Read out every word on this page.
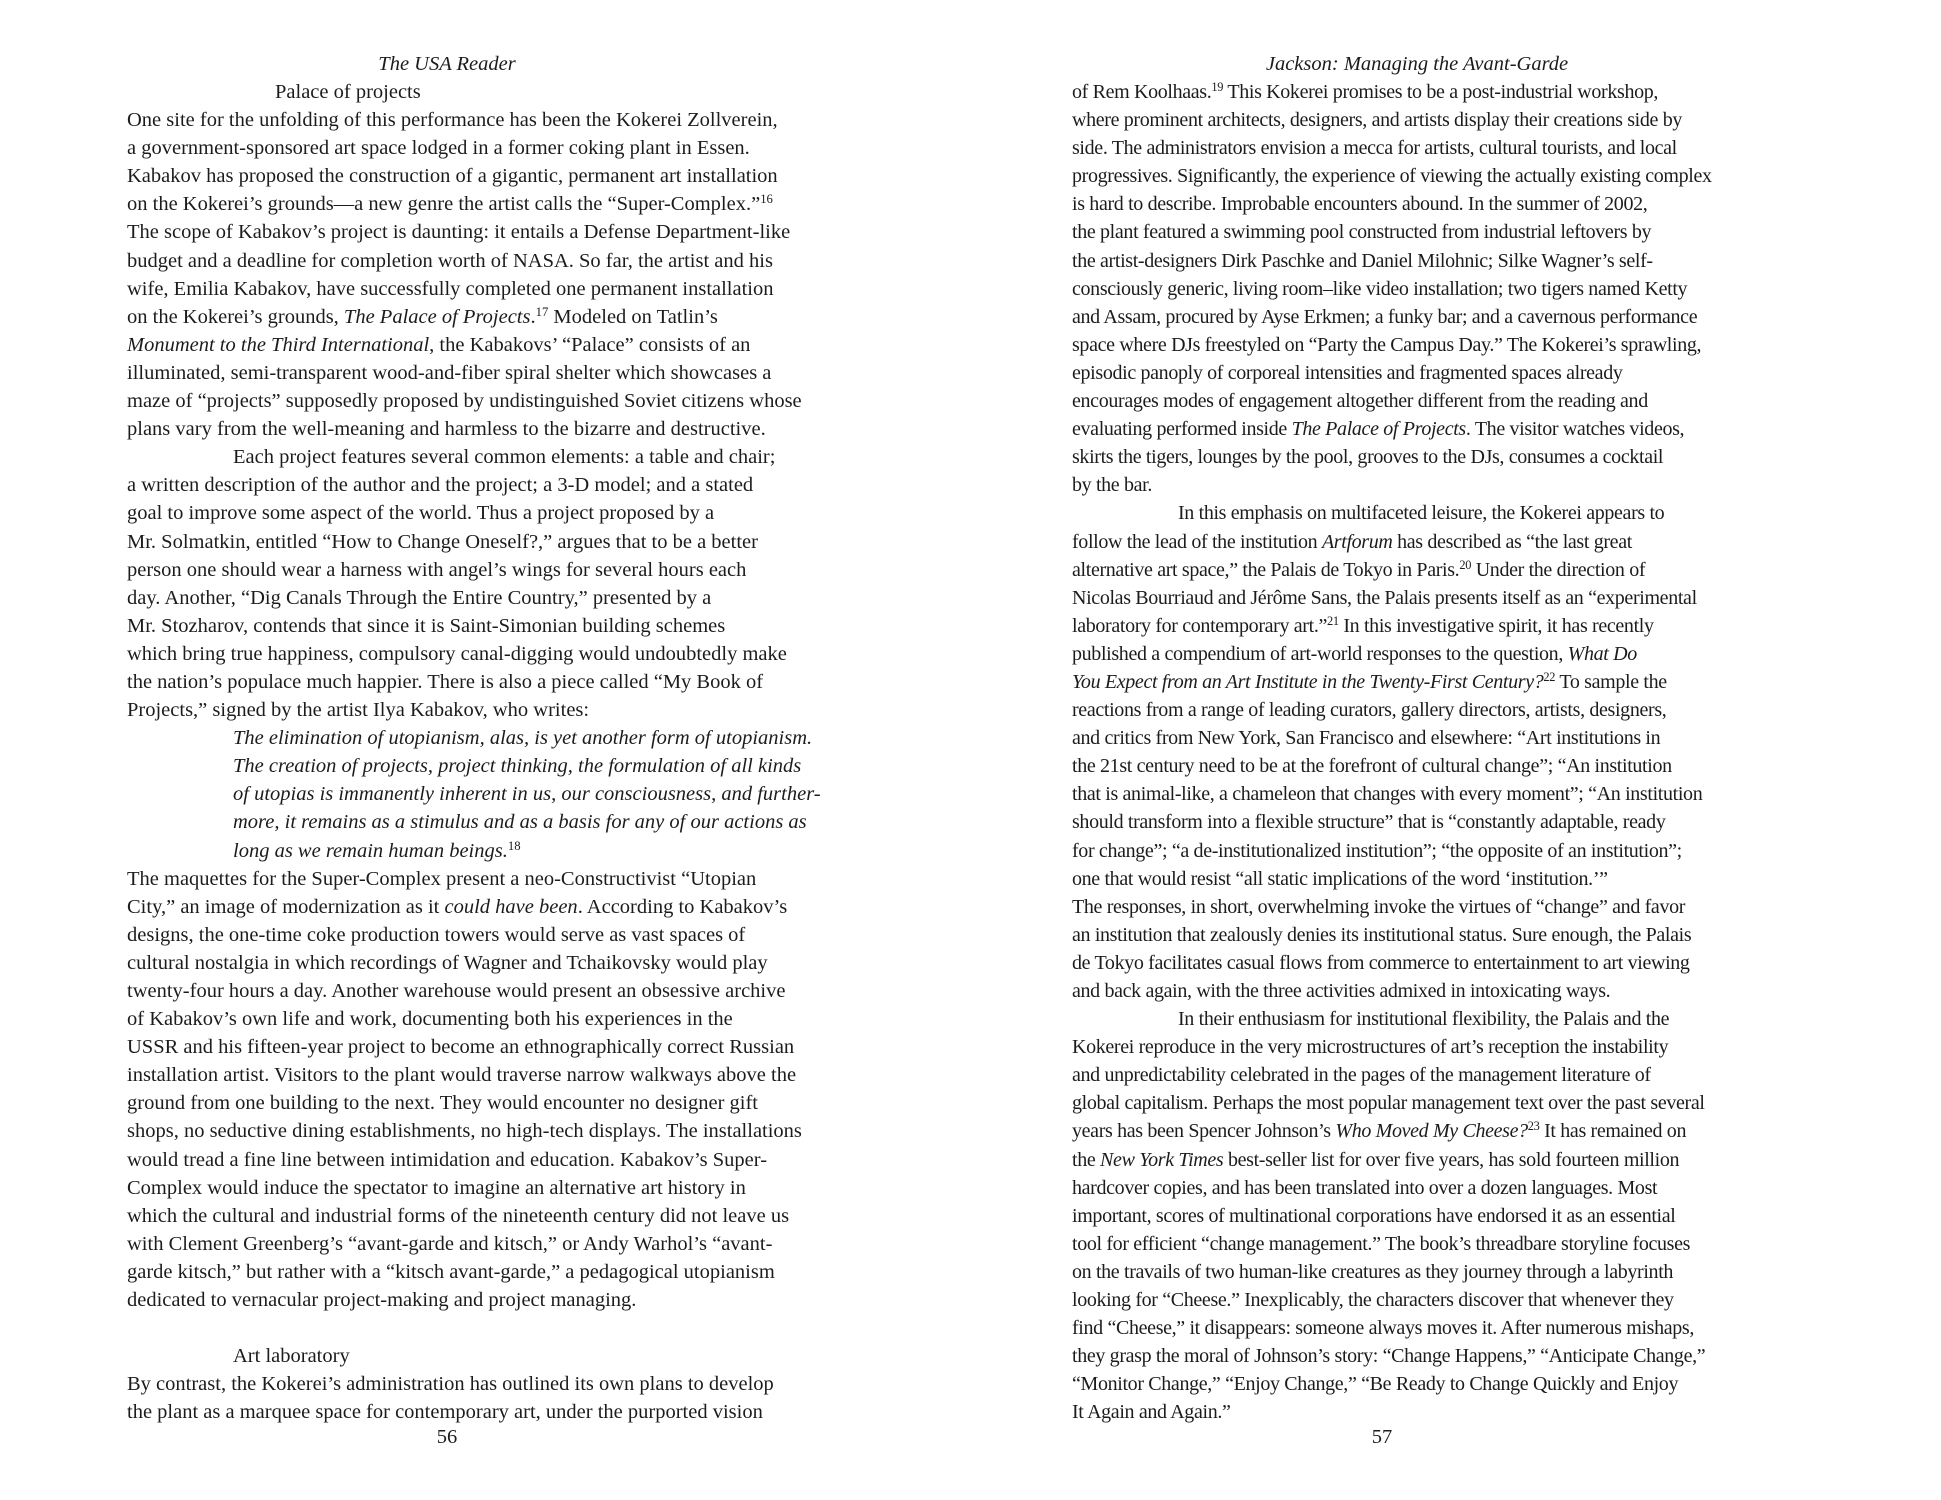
The USA Reader
Palace of projects
One site for the unfolding of this performance has been the Kokerei Zollverein,
a government-sponsored art space lodged in a former coking plant in Essen.
Kabakov has proposed the construction of a gigantic, permanent art installation
on the Kokerei’s grounds—a new genre the artist calls the “Super-Complex.”$^{16}$
The scope of Kabakov’s project is daunting: it entails a Defense Department-like
budget and a deadline for completion worth of NASA. So far, the artist and his
wife, Emilia Kabakov, have successfully completed one permanent installation
on the Kokerei’s grounds, The Palace of Projects.$^{17}$ Modeled on Tatlin’s
Monument to the Third International, the Kabakovs’ “Palace” consists of an
illuminated, semi-transparent wood-and-fiber spiral shelter which showcases a
maze of “projects” supposedly proposed by undistinguished Soviet citizens whose
plans vary from the well-meaning and harmless to the bizarre and destructive.
Each project features several common elements: a table and chair;
a written description of the author and the project; a 3-D model; and a stated
goal to improve some aspect of the world. Thus a project proposed by a
Mr. Solmatkin, entitled “How to Change Oneself?,” argues that to be a better
person one should wear a harness with angel’s wings for several hours each
day. Another, “Dig Canals Through the Entire Country,” presented by a
Mr. Stozharov, contends that since it is Saint-Simonian building schemes
which bring true happiness, compulsory canal-digging would undoubtedly make
the nation’s populace much happier. There is also a piece called “My Book of
Projects,” signed by the artist Ilya Kabakov, who writes:
The elimination of utopianism, alas, is yet another form of utopianism.
The creation of projects, project thinking, the formulation of all kinds
of utopias is immanently inherent in us, our consciousness, and further-
more, it remains as a stimulus and as a basis for any of our actions as
long as we remain human beings.$^{18}$
The maquettes for the Super-Complex present a neo-Constructivist “Utopian
City,” an image of modernization as it could have been. According to Kabakov’s
designs, the one-time coke production towers would serve as vast spaces of
cultural nostalgia in which recordings of Wagner and Tchaikovsky would play
twenty-four hours a day. Another warehouse would present an obsessive archive
of Kabakov’s own life and work, documenting both his experiences in the
USSR and his fifteen-year project to become an ethnographically correct Russian
installation artist. Visitors to the plant would traverse narrow walkways above the
ground from one building to the next. They would encounter no designer gift
shops, no seductive dining establishments, no high-tech displays. The installations
would tread a fine line between intimidation and education. Kabakov’s Super-
Complex would induce the spectator to imagine an alternative art history in
which the cultural and industrial forms of the nineteenth century did not leave us
with Clement Greenberg’s “avant-garde and kitsch,” or Andy Warhol’s “avant-
garde kitsch,” but rather with a “kitsch avant-garde,” a pedagogical utopianism
dedicated to vernacular project-making and project managing.
Art laboratory
By contrast, the Kokerei’s administration has outlined its own plans to develop
the plant as a marquee space for contemporary art, under the purported vision
56
Jackson: Managing the Avant-Garde
of Rem Koolhaas.$^{19}$ This Kokerei promises to be a post-industrial workshop,
where prominent architects, designers, and artists display their creations side by
side. The administrators envision a mecca for artists, cultural tourists, and local
progressives. Significantly, the experience of viewing the actually existing complex
is hard to describe. Improbable encounters abound. In the summer of 2002,
the plant featured a swimming pool constructed from industrial leftovers by
the artist-designers Dirk Paschke and Daniel Milohnic; Silke Wagner’s self-
consciously generic, living room–like video installation; two tigers named Ketty
and Assam, procured by Ayse Erkmen; a funky bar; and a cavernous performance
space where DJs freestyled on “Party the Campus Day.” The Kokerei’s sprawling,
episodic panoply of corporeal intensities and fragmented spaces already
encourages modes of engagement altogether different from the reading and
evaluating performed inside The Palace of Projects. The visitor watches videos,
skirts the tigers, lounges by the pool, grooves to the DJs, consumes a cocktail
by the bar.
In this emphasis on multifaceted leisure, the Kokerei appears to
follow the lead of the institution Artforum has described as “the last great
alternative art space,” the Palais de Tokyo in Paris.$^{20}$ Under the direction of
Nicolas Bourriaud and Jérôme Sans, the Palais presents itself as an “experimental
laboratory for contemporary art.”$^{21}$ In this investigative spirit, it has recently
published a compendium of art-world responses to the question, What Do
You Expect from an Art Institute in the Twenty-First Century?$^{22}$ To sample the
reactions from a range of leading curators, gallery directors, artists, designers,
and critics from New York, San Francisco and elsewhere: “Art institutions in
the 21st century need to be at the forefront of cultural change”; “An institution
that is animal-like, a chameleon that changes with every moment”; “An institution
should transform into a flexible structure” that is “constantly adaptable, ready
for change”; “a de-institutionalized institution”; “the opposite of an institution”;
one that would resist “all static implications of the word ‘institution.’”
The responses, in short, overwhelming invoke the virtues of “change” and favor
an institution that zealously denies its institutional status. Sure enough, the Palais
de Tokyo facilitates casual flows from commerce to entertainment to art viewing
and back again, with the three activities admixed in intoxicating ways.
In their enthusiasm for institutional flexibility, the Palais and the
Kokerei reproduce in the very microstructures of art’s reception the instability
and unpredictability celebrated in the pages of the management literature of
global capitalism. Perhaps the most popular management text over the past several
years has been Spencer Johnson’s Who Moved My Cheese?$^{23}$ It has remained on
the New York Times best-seller list for over five years, has sold fourteen million
hardcover copies, and has been translated into over a dozen languages. Most
important, scores of multinational corporations have endorsed it as an essential
tool for efficient “change management.” The book’s threadbare storyline focuses
on the travails of two human-like creatures as they journey through a labyrinth
looking for “Cheese.” Inexplicably, the characters discover that whenever they
find “Cheese,” it disappears: someone always moves it. After numerous mishaps,
they grasp the moral of Johnson’s story: “Change Happens,” “Anticipate Change,”
“Monitor Change,” “Enjoy Change,” “Be Ready to Change Quickly and Enjoy
It Again and Again.”
57
